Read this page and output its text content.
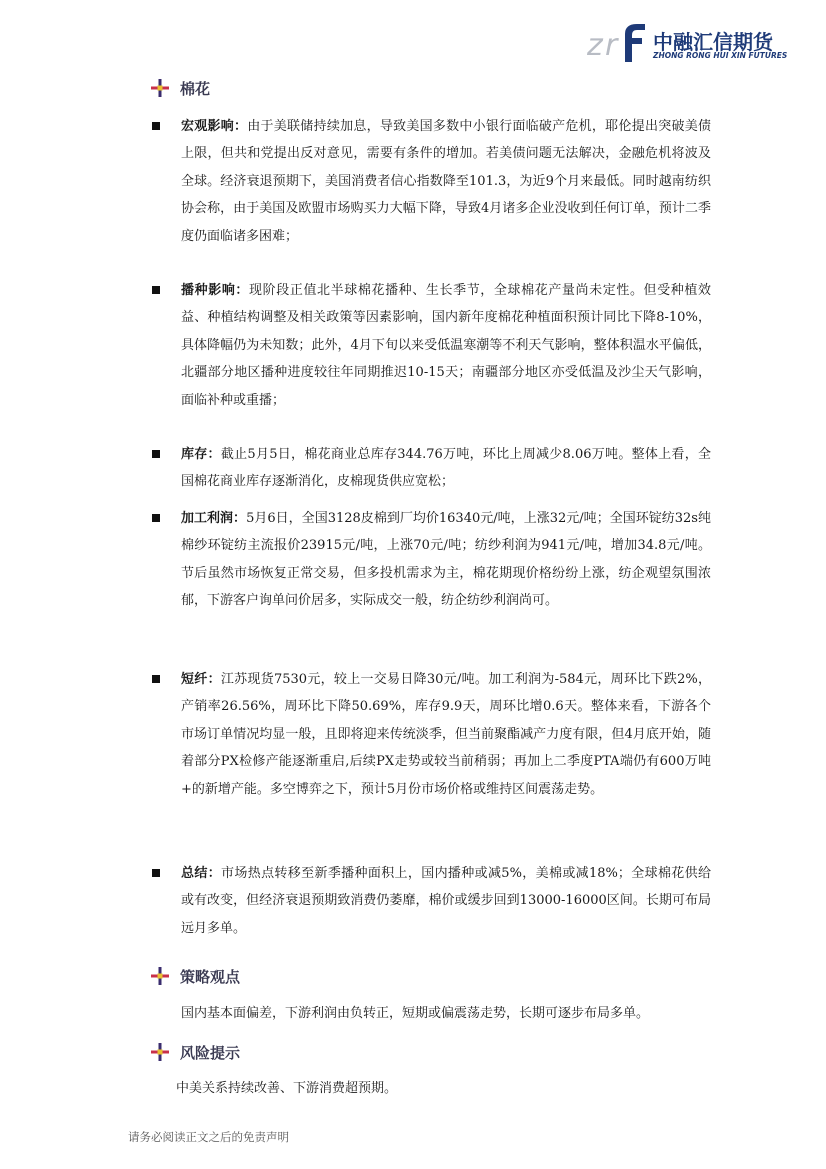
z r 中融汇信期货
ZHONG RONG HUI XIN FUTURES
棉花
宏观影响：由于美联储持续加息，导致美国多数中小银行面临破产危机，耶伦提出突破美债上限，但共和党提出反对意见，需要有条件的增加。若美债问题无法解决，金融危机将波及全球。经济衰退预期下，美国消费者信心指数降至101.3，为近9个月来最低。同时越南纺织协会称，由于美国及欧盟市场购买力大幅下降，导致4月诸多企业没收到任何订单，预计二季度仍面临诸多困难；
播种影响：现阶段正值北半球棉花播种、生长季节，全球棉花产量尚未定性。但受种植效益、种植结构调整及相关政策等因素影响，国内新年度棉花种植面积预计同比下降8-10%，具体降幅仍为未知数；此外，4月下旬以来受低温寒潮等不利天气影响，整体积温水平偏低，北疆部分地区播种进度较往年同期推迟10-15天；南疆部分地区亦受低温及沙尘天气影响，面临补种或重播；
库存：截止5月5日，棉花商业总库存344.76万吨，环比上周减少8.06万吨。整体上看，全国棉花商业库存逐渐消化，皮棉现货供应宽松；
加工利润：5月6日，全国3128皮棉到厂均价16340元/吨，上涨32元/吨；全国环锭纺32s纯棉纱环锭纺主流报价23915元/吨，上涨70元/吨；纺纱利润为941元/吨，增加34.8元/吨。节后虽然市场恢复正常交易，但多投机需求为主，棉花期现价格纷纷上涨，纺企观望氛围浓郁，下游客户询单问价居多，实际成交一般，纺企纺纱利润尚可。
短纤：江苏现货7530元，较上一交易日降30元/吨。加工利润为-584元，周环比下跌2%，产销率26.56%，周环比下降50.69%，库存9.9天，周环比增0.6天。整体来看，下游各个市场订单情况均显一般，且即将迎来传统淡季，但当前聚酯减产力度有限，但4月底开始，随着部分PX检修产能逐渐重启,后续PX走势或较当前稍弱；再加上二季度PTA端仍有600万吨+的新增产能。多空博弈之下，预计5月份市场价格或维持区间震荡走势。
总结：市场热点转移至新季播种面积上，国内播种或减5%，美棉或减18%；全球棉花供给或有改变，但经济衰退预期致消费仍萎靡，棉价或缓步回到13000-16000区间。长期可布局远月多单。
策略观点
国内基本面偏差，下游利润由负转正，短期或偏震荡走势，长期可逐步布局多单。
风险提示
中美关系持续改善、下游消费超预期。
请务必阅读正文之后的免责声明
